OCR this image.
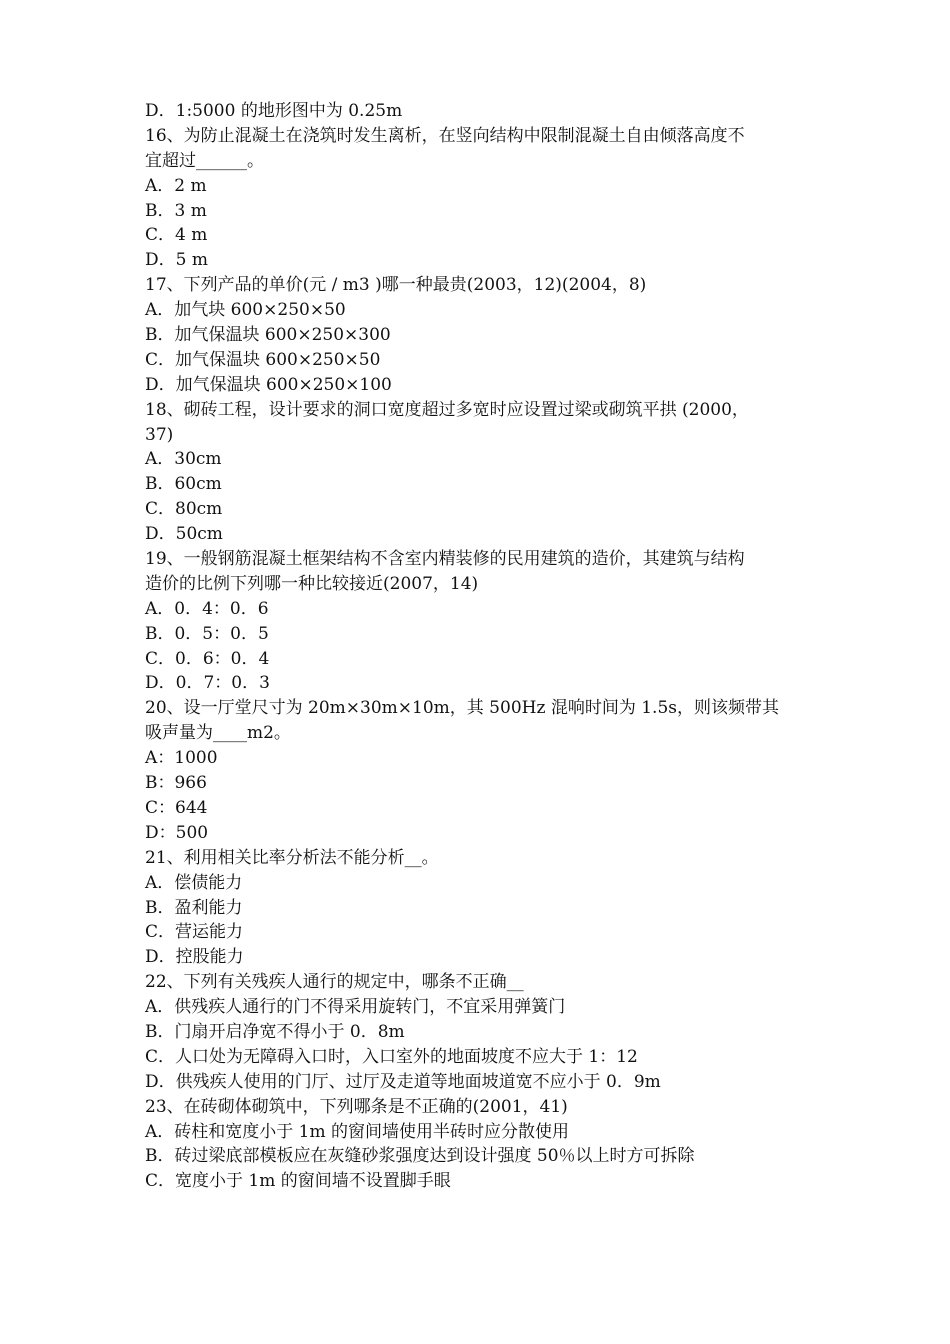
D．1:5000 的地形图中为 0.25m

16、为防止混凝土在浇筑时发生离析，在竖向结构中限制混凝土自由倾落高度不

宜超过______。

A．2 m

B．3 m

C．4 m

D．5 m

17、下列产品的单价(元 / m3 )哪一种最贵(2003，12)(2004，8)

A．加气块 600×250×50

B．加气保温块 600×250×300

C．加气保温块 600×250×50

D．加气保温块 600×250×100

18、砌砖工程，设计要求的洞口宽度超过多宽时应设置过梁或砌筑平拱 (2000，

37)

A．30cm

B．60cm

C．80cm

D．50cm

19、一般钢筋混凝土框架结构不含室内精装修的民用建筑的造价，其建筑与结构

造价的比例下列哪一种比较接近(2007，14)

A．0．4：0．6

B．0．5：0．5

C．0．6：0．4

D．0．7：0．3

20、设一厅堂尺寸为 20m×30m×10m，其 500Hz 混响时间为 1.5s，则该频带其

吸声量为____m2。

A：1000

B：966

C：644

D：500

21、利用相关比率分析法不能分析__。

A．偿债能力

B．盈利能力

C．营运能力

D．控股能力

22、下列有关残疾人通行的规定中，哪条不正确__

A．供残疾人通行的门不得采用旋转门，不宜采用弹簧门

B．门扇开启净宽不得小于 0．8m

C．人口处为无障碍入口时，入口室外的地面坡度不应大于 1：12

D．供残疾人使用的门厅、过厅及走道等地面坡道宽不应小于 0．9m

23、在砖砌体砌筑中，下列哪条是不正确的(2001，41)

A．砖柱和宽度小于 1m 的窗间墙使用半砖时应分散使用

B．砖过梁底部模板应在灰缝砂浆强度达到设计强度 50％以上时方可拆除

C．宽度小于 1m 的窗间墙不设置脚手眼
